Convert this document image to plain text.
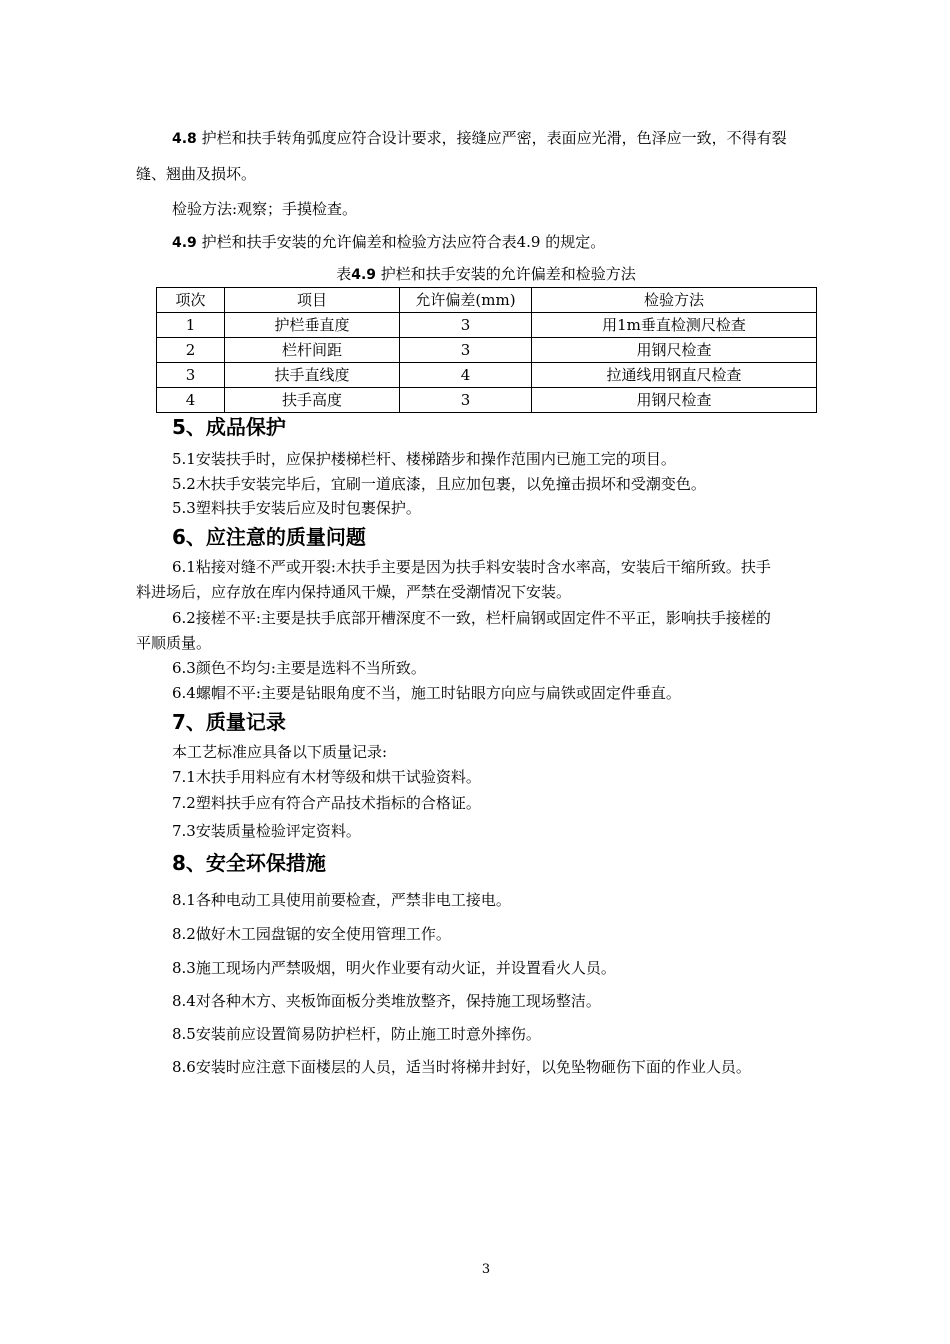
4.8 护栏和扶手转角弧度应符合设计要求，接缝应严密，表面应光滑，色泽应一致，不得有裂
缝、翘曲及损坏。
检验方法:观察；手摸检查。
4.9 护栏和扶手安装的允许偏差和检验方法应符合表4.9 的规定。
表4.9 护栏和扶手安装的允许偏差和检验方法
项次	项目	允许偏差(mm)	检验方法
1	护栏垂直度	3	用1m垂直检测尺检查
2	栏杆间距	3	用钢尺检查
3	扶手直线度	4	拉通线用钢直尺检查
4	扶手高度	3	用钢尺检查
5、成品保护
5.1安装扶手时，应保护楼梯栏杆、楼梯踏步和操作范围内已施工完的项目。
5.2木扶手安装完毕后，宜刷一道底漆，且应加包裹，以免撞击损坏和受潮变色。
5.3塑料扶手安装后应及时包裹保护。
6、应注意的质量问题
6.1粘接对缝不严或开裂:木扶手主要是因为扶手料安装时含水率高，安装后干缩所致。扶手
料进场后，应存放在库内保持通风干燥，严禁在受潮情况下安装。
6.2接槎不平:主要是扶手底部开槽深度不一致，栏杆扁钢或固定件不平正，影响扶手接槎的
平顺质量。
6.3颜色不均匀:主要是选料不当所致。
6.4螺帽不平:主要是钻眼角度不当，施工时钻眼方向应与扁铁或固定件垂直。
7、质量记录
本工艺标准应具备以下质量记录:
7.1木扶手用料应有木材等级和烘干试验资料。
7.2塑料扶手应有符合产品技术指标的合格证。
7.3安装质量检验评定资料。
8、安全环保措施
8.1各种电动工具使用前要检查，严禁非电工接电。
8.2做好木工园盘锯的安全使用管理工作。
8.3施工现场内严禁吸烟，明火作业要有动火证，并设置看火人员。
8.4对各种木方、夹板饰面板分类堆放整齐，保持施工现场整洁。
8.5安装前应设置简易防护栏杆，防止施工时意外摔伤。
8.6安装时应注意下面楼层的人员，适当时将梯井封好，以免坠物砸伤下面的作业人员。
3
